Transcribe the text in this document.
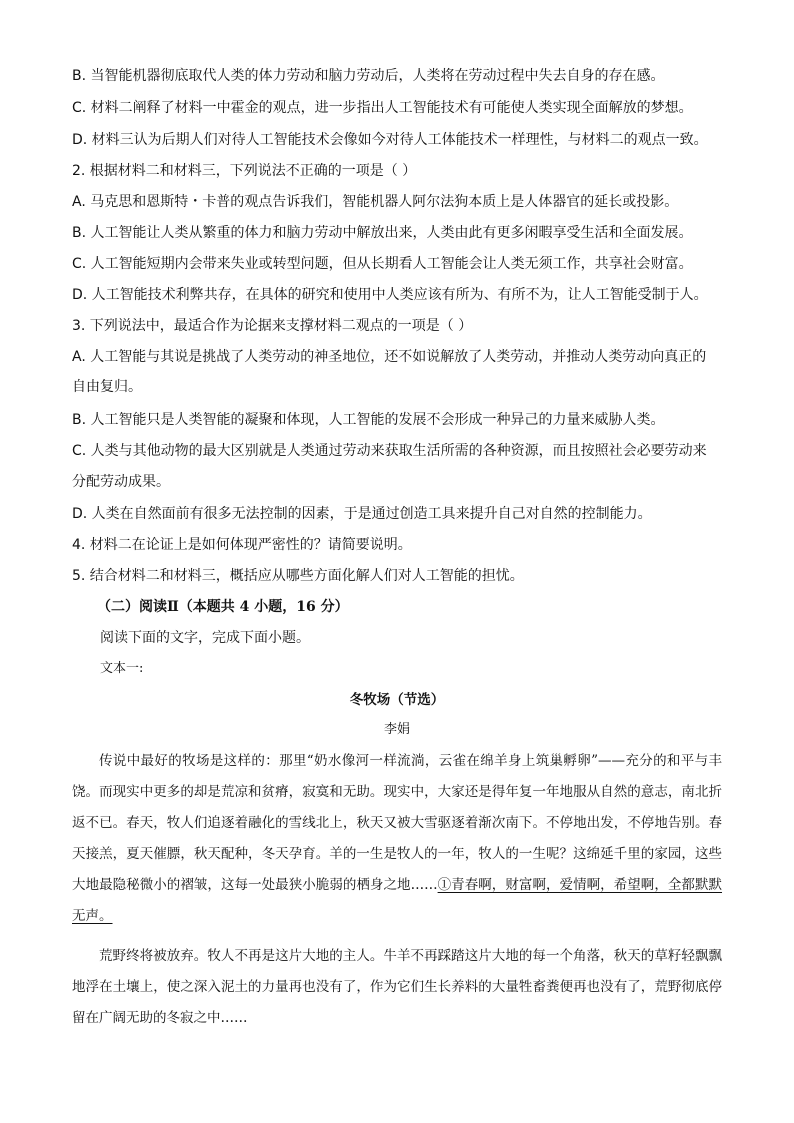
B. 当智能机器彻底取代人类的体力劳动和脑力劳动后，人类将在劳动过程中失去自身的存在感。
C. 材料二阐释了材料一中霍金的观点，进一步指出人工智能技术有可能使人类实现全面解放的梦想。
D. 材料三认为后期人们对待人工智能技术会像如今对待人工体能技术一样理性，与材料二的观点一致。
2. 根据材料二和材料三，下列说法不正确的一项是（ ）
A. 马克思和恩斯特・卡普的观点告诉我们，智能机器人阿尔法狗本质上是人体器官的延长或投影。
B. 人工智能让人类从繁重的体力和脑力劳动中解放出来，人类由此有更多闲暇享受生活和全面发展。
C. 人工智能短期内会带来失业或转型问题，但从长期看人工智能会让人类无须工作，共享社会财富。
D. 人工智能技术利弊共存，在具体的研究和使用中人类应该有所为、有所不为，让人工智能受制于人。
3. 下列说法中，最适合作为论据来支撑材料二观点的一项是（ ）
A. 人工智能与其说是挑战了人类劳动的神圣地位，还不如说解放了人类劳动，并推动人类劳动向真正的
自由复归。
B. 人工智能只是人类智能的凝聚和体现，人工智能的发展不会形成一种异己的力量来威胁人类。
C. 人类与其他动物的最大区别就是人类通过劳动来获取生活所需的各种资源，而且按照社会必要劳动来
分配劳动成果。
D. 人类在自然面前有很多无法控制的因素，于是通过创造工具来提升自己对自然的控制能力。
4. 材料二在论证上是如何体现严密性的？请简要说明。
5. 结合材料二和材料三，概括应从哪些方面化解人们对人工智能的担忧。
（二）阅读Ⅱ（本题共 4 小题，16 分）
阅读下面的文字，完成下面小题。
文本一:
冬牧场（节选）
李娟
传说中最好的牧场是这样的：那里“奶水像河一样流淌，云雀在绵羊身上筑巢孵卵”——充分的和平与丰饶。而现实中更多的却是荒凉和贫瘠，寂寞和无助。现实中，大家还是得年复一年地服从自然的意志，南北折返不已。春天，牧人们追逐着融化的雪线北上，秋天又被大雪驱逐着渐次南下。不停地出发，不停地告别。春天接羔，夏天催膘，秋天配种，冬天孕育。羊的一生是牧人的一年，牧人的一生呢？这绵延千里的家园，这些大地最隐秘微小的褶皱，这每一处最狭小脆弱的栖身之地……①青春啊，财富啊，爱情啊，希望啊，全都默默无声。
荒野终将被放弃。牧人不再是这片大地的主人。牛羊不再踩踏这片大地的每一个角落，秋天的草籽轻飘飘地浮在土壤上，使之深入泥土的力量再也没有了，作为它们生长养料的大量牲畜粪便再也没有了，荒野彻底停留在广阔无助的冬寂之中……
